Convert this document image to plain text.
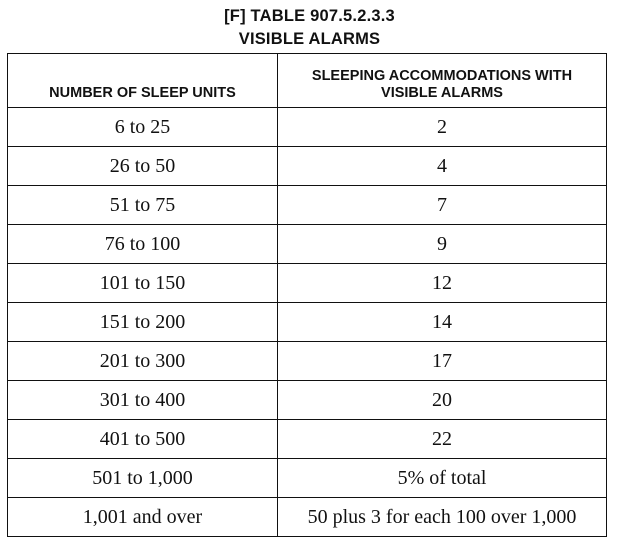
[F] TABLE 907.5.2.3.3
VISIBLE ALARMS
NUMBER OF SLEEP UNITS	SLEEPING ACCOMMODATIONS WITH
VISIBLE ALARMS

6 to 25	2
26 to 50	4
51 to 75	7
76 to 100	9
101 to 150	12
151 to 200	14
201 to 300	17
301 to 400	20
401 to 500	22
501 to 1,000	5% of total
1,001 and over	50 plus 3 for each 100 over 1,000
